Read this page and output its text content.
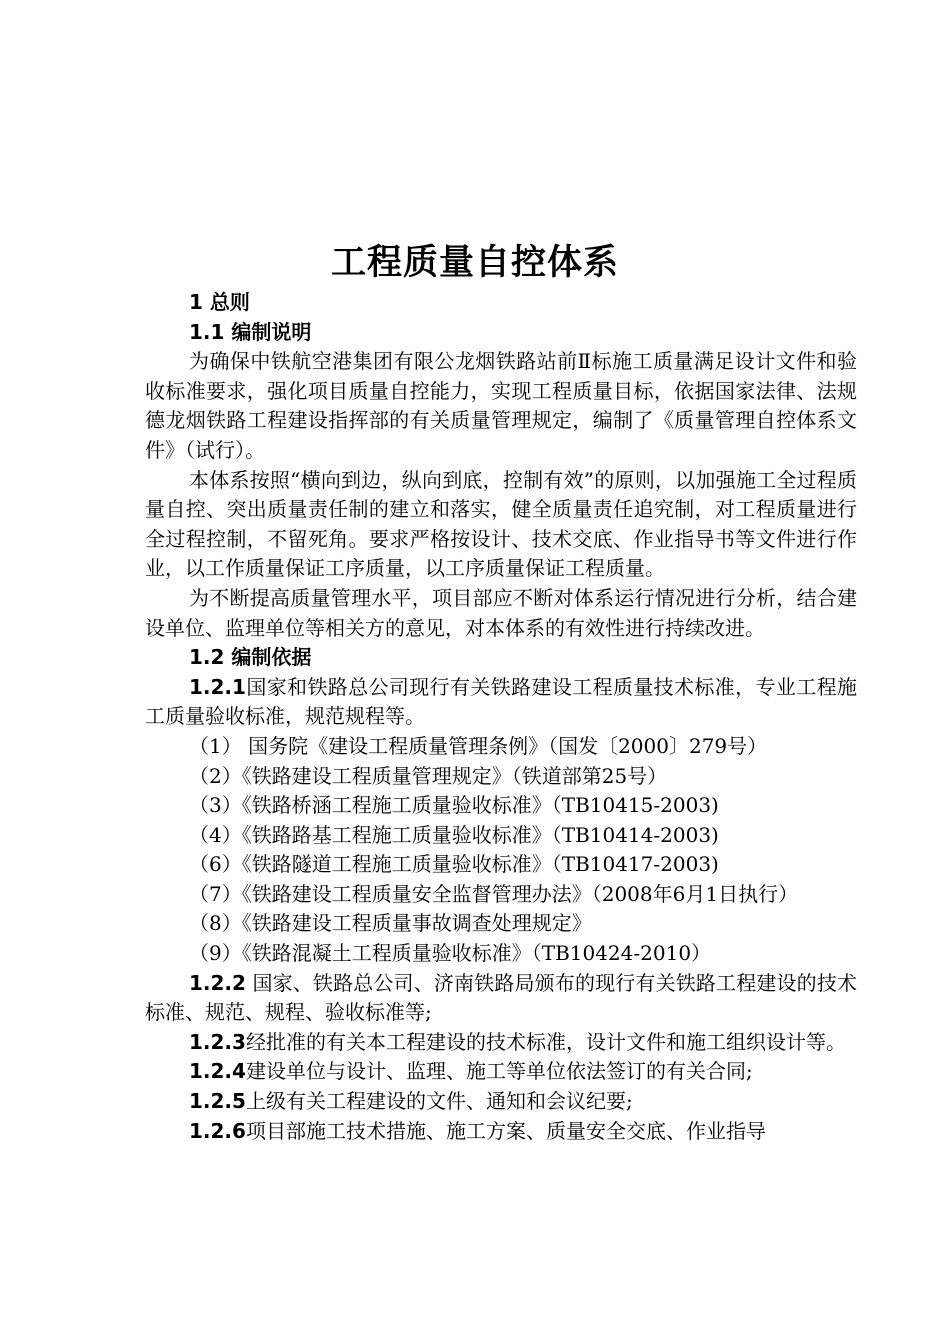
工程质量自控体系

1 总则

1.1 编制说明

为确保中铁航空港集团有限公龙烟铁路站前Ⅱ标施工质量满足设计文件和验收标准要求，强化项目质量自控能力，实现工程质量目标，依据国家法律、法规德龙烟铁路工程建设指挥部的有关质量管理规定，编制了《质量管理自控体系文件》（试行）。

本体系按照“横向到边，纵向到底，控制有效”的原则，以加强施工全过程质量自控、突出质量责任制的建立和落实，健全质量责任追究制，对工程质量进行全过程控制，不留死角。要求严格按设计、技术交底、作业指导书等文件进行作业，以工作质量保证工序质量，以工序质量保证工程质量。

为不断提高质量管理水平，项目部应不断对体系运行情况进行分析，结合建设单位、监理单位等相关方的意见，对本体系的有效性进行持续改进。

1.2 编制依据

1.2.1国家和铁路总公司现行有关铁路建设工程质量技术标准，专业工程施工质量验收标准，规范规程等。

（1） 国务院《建设工程质量管理条例》（国发〔2000〕279号）

（2）《铁路建设工程质量管理规定》（铁道部第25号）

（3）《铁路桥涵工程施工质量验收标准》（TB10415-2003)

（4）《铁路路基工程施工质量验收标准》（TB10414-2003)

（6）《铁路隧道工程施工质量验收标准》（TB10417-2003)

（7）《铁路建设工程质量安全监督管理办法》（2008年6月1日执行）

（8）《铁路建设工程质量事故调查处理规定》

（9）《铁路混凝土工程质量验收标准》（TB10424-2010）

1.2.2 国家、铁路总公司、济南铁路局颁布的现行有关铁路工程建设的技术标准、规范、规程、验收标准等;

1.2.3经批准的有关本工程建设的技术标准，设计文件和施工组织设计等。

1.2.4建设单位与设计、监理、施工等单位依法签订的有关合同;

1.2.5上级有关工程建设的文件、通知和会议纪要;

1.2.6项目部施工技术措施、施工方案、质量安全交底、作业指导
